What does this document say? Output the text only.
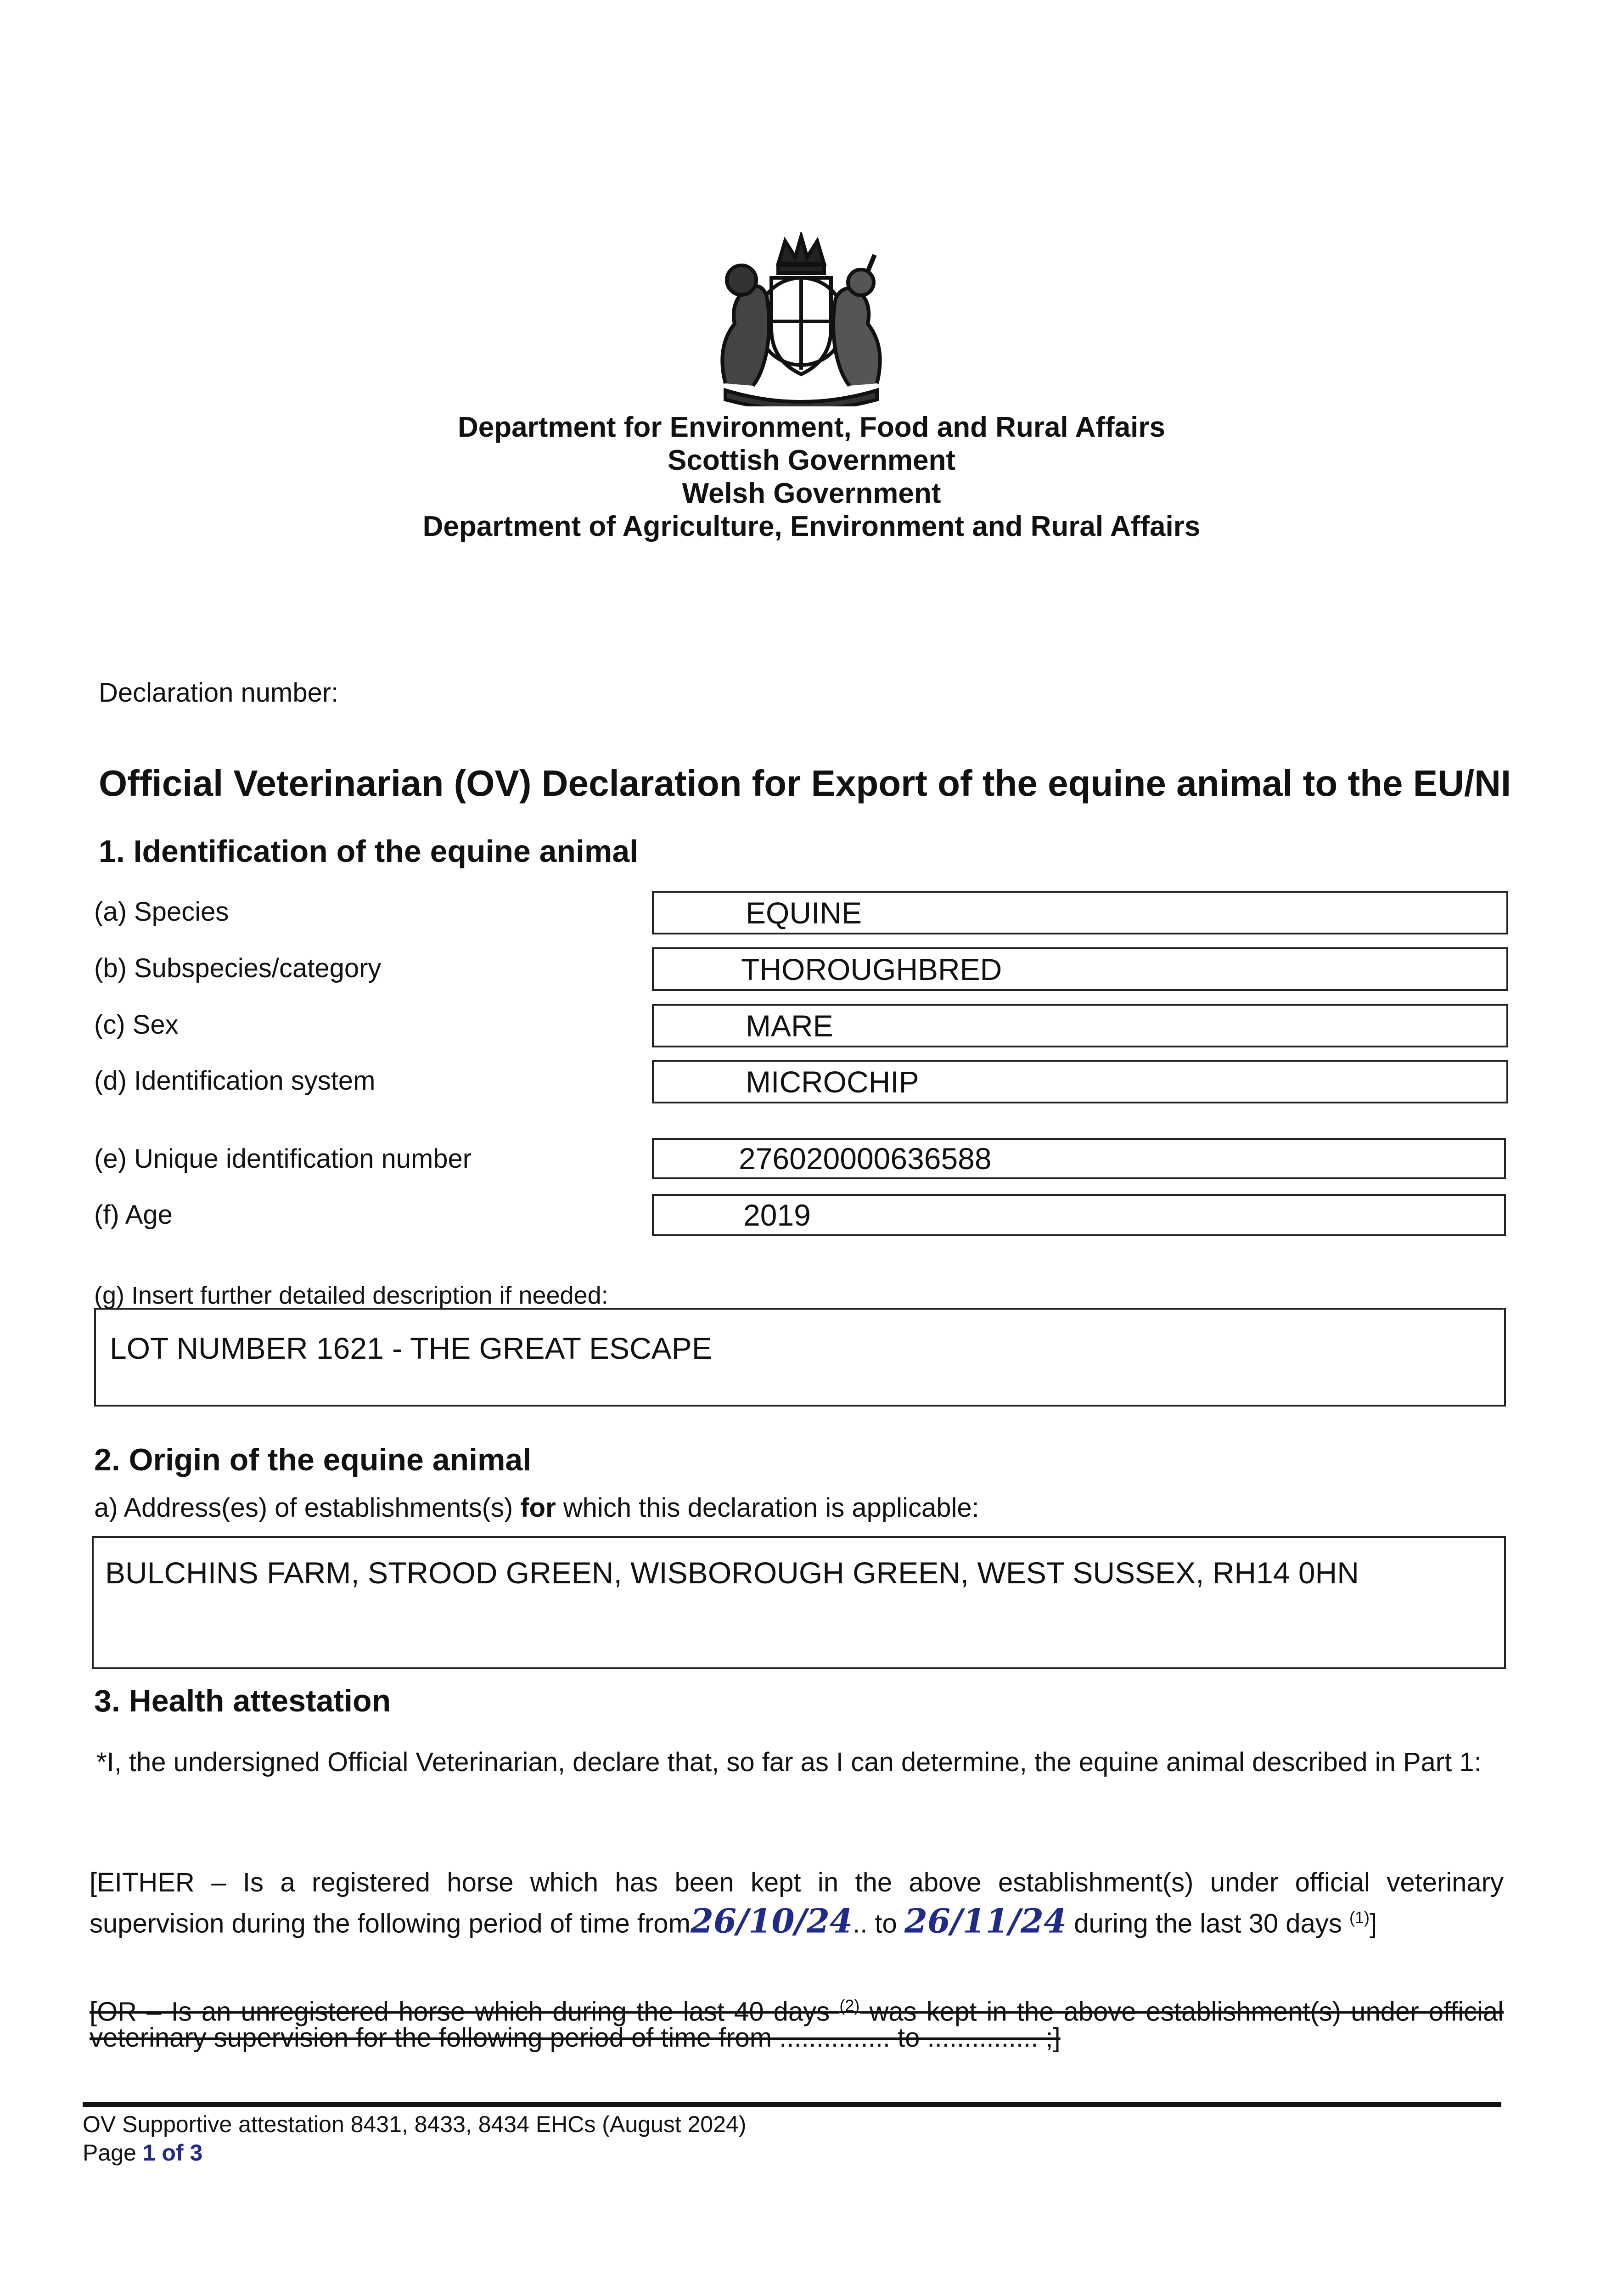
Department for Environment, Food and Rural Affairs
Scottish Government
Welsh Government
Department of Agriculture, Environment and Rural Affairs
Declaration number:
Official Veterinarian (OV) Declaration for Export of the equine animal to the EU/NI
1. Identification of the equine animal
(a) Species	EQUINE
(b) Subspecies/category	THOROUGHBRED
(c) Sex	MARE
(d) Identification system	MICROCHIP
(e) Unique identification number	276020000636588
(f) Age	2019
(g) Insert further detailed description if needed:
LOT NUMBER 1621 - THE GREAT ESCAPE
2. Origin of the equine animal
a) Address(es) of establishments(s) for which this declaration is applicable:
BULCHINS FARM, STROOD GREEN, WISBOROUGH GREEN, WEST SUSSEX, RH14 0HN
3. Health attestation
*I, the undersigned Official Veterinarian, declare that, so far as I can determine, the equine animal described in Part 1:
[EITHER – Is a registered horse which has been kept in the above establishment(s) under official veterinary
supervision during the following period of time from26/10/24.. to 26/11/24 during the last 30 days $^{(1)}$]
[OR – Is an unregistered horse which during the last 40 days $^{(2)}$ was kept in the above establishment(s) under official
veterinary supervision for the following period of time from ............... to ............... ;]
OV Supportive attestation 8431, 8433, 8434 EHCs (August 2024)
Page 1 of 3
